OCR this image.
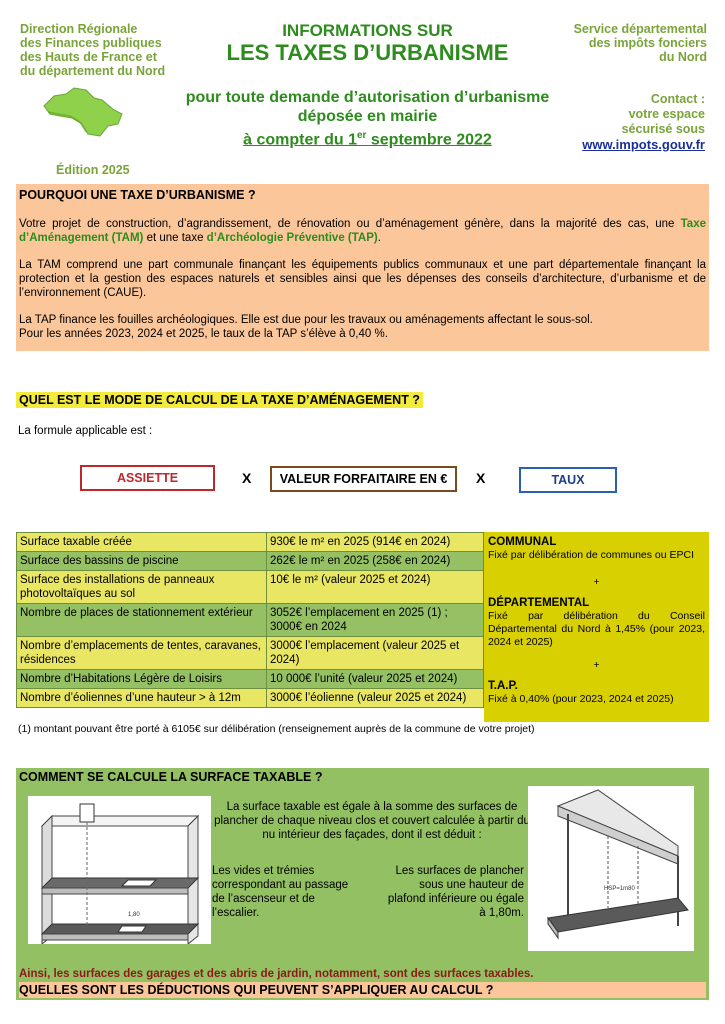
Direction Régionale
des Finances publiques
des Hauts de France et
du département du Nord
INFORMATIONS SUR
LES TAXES D’URBANISME
Service départemental
des impôts fonciers
du Nord
pour toute demande d’autorisation d’urbanisme
déposée en mairie
à compter du 1er septembre 2022
Édition 2025
Contact :
votre espace
sécurisé sous
www.impots.gouv.fr
POURQUOI UNE TAXE D’URBANISME ?

Votre projet de construction, d’agrandissement, de rénovation ou d’aménagement génère, dans la majorité des cas, une Taxe d’Aménagement (TAM) et une taxe d’Archéologie Préventive (TAP).

La TAM comprend une part communale finançant les équipements publics communaux et une part départementale finançant la protection et la gestion des espaces naturels et sensibles ainsi que les dépenses des conseils d’architecture, d’urbanisme et de l’environnement (CAUE).

La TAP finance les fouilles archéologiques. Elle est due pour les travaux ou aménagements affectant le sous-sol.
Pour les années 2023, 2024 et 2025, le taux de la TAP s’élève à 0,40 %.

QUEL EST LE MODE DE CALCUL DE LA TAXE D’AMÉNAGEMENT ?
La formule applicable est :
ASSIETTE	X	VALEUR FORFAITAIRE EN €	X	TAUX
Surface taxable créée	930€ le m² en 2025 (914€ en 2024)
Surface des bassins de piscine	262€ le m² en 2025 (258€ en 2024)
Surface des installations de panneaux photovoltaïques au sol	10€ le m² (valeur 2025 et 2024)
Nombre de places de stationnement extérieur	3052€ l’emplacement en 2025 (1) ; 3000€ en 2024
Nombre d’emplacements de tentes, caravanes, résidences	3000€ l’emplacement (valeur 2025 et 2024)
Nombre d’Habitations Légère de Loisirs	10 000€ l’unité (valeur 2025 et 2024)
Nombre d’éoliennes d’une hauteur > à 12m	3000€ l’éolienne (valeur 2025 et 2024)
COMMUNAL
Fixé par délibération de communes ou EPCI
+
DÉPARTEMENTAL
Fixé par délibération du Conseil Départemental du Nord à 1,45% (pour 2023, 2024 et 2025)
+
T.A.P.
Fixé à 0,40% (pour 2023, 2024 et 2025)
(1) montant pouvant être porté à 6105€ sur délibération (renseignement auprès de la commune de votre projet)
COMMENT SE CALCULE LA SURFACE TAXABLE ?
1,80
La surface taxable est égale à la somme des surfaces de plancher de chaque niveau clos et couvert calculée à partir du nu intérieur des façades, dont il est déduit :
Les vides et trémies correspondant au passage de l’ascenseur et de l’escalier.
Les surfaces de plancher sous une hauteur de plafond inférieure ou égale à 1,80m.
HSP=1m80
Ainsi, les surfaces des garages et des abris de jardin, notamment, sont des surfaces taxables.
QUELLES SONT LES DÉDUCTIONS QUI PEUVENT S’APPLIQUER AU CALCUL ?
